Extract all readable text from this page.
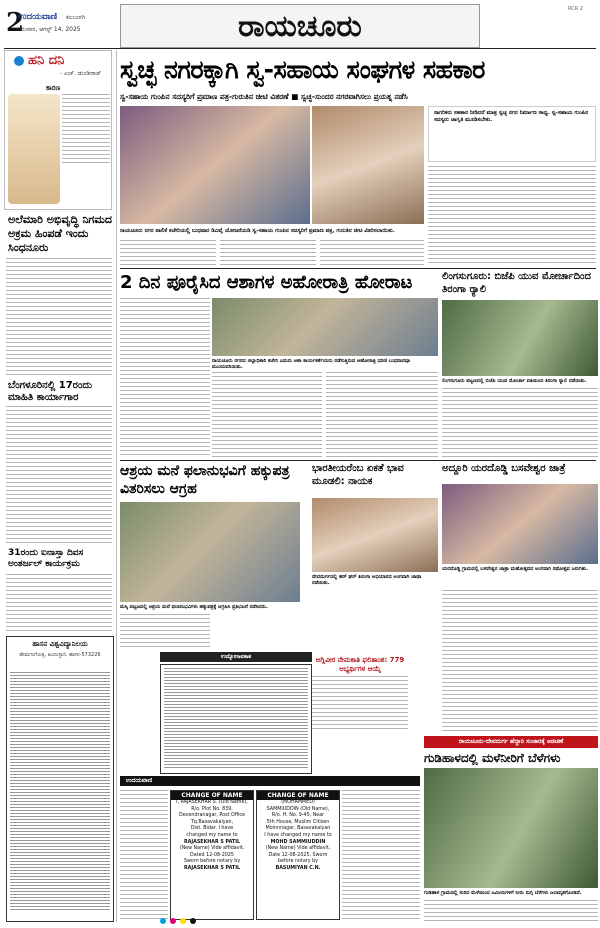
2
ಉದಯವಾಣಿ ಕಲಬುರಗಿ
ಗುರುವಾರ, ಆಗಸ್ಟ್ 14, 2025	ರಾಯಚೂರು	RCR 2
ಹನಿ ದನಿ
- ಎಚ್. ಡುಂಡಿರಾಜ್
ಕಾರಣ
ಅಲೆಮಾರಿ ಅಭಿವೃದ್ಧಿ ನಿಗಮದ ಅಕ್ರಮ ಹಿಂಪಡೆ ಇಂದು ಸಿಂಧನೂರು
ಬೆಂಗಳೂರಿನಲ್ಲಿ 17ರಂದು ಮಾಹಿತಿ ಕಾರ್ಯಾಗಾರ
31ರಂದು ಐನಾಸ್ತಾ ದಿವಸ ಅಂತರ್ಜಲ್ ಕಾರ್ಯಕ್ರಮ
ಹಾಸನ ವಿಶ್ವವಿದ್ಯಾನಿಲಯ
ಹೇಮಗಂಗೋತ್ರಿ, ಹಿಂದುಸ್ತಾನ, ಹಾಸನ-573226
ಸ್ವಚ್ಛ ನಗರಕ್ಕಾಗಿ ಸ್ವ-ಸಹಾಯ ಸಂಘಗಳ ಸಹಕಾರ
ಸ್ವ-ಸಹಾಯ ಗುಂಪಿನ ಸದಸ್ಯರಿಗೆ ಪ್ರಮಾಣ ಪತ್ರ-ಗುರುತಿನ ಚೀಟಿ ವಿತರಣೆ ■ ಸ್ವಚ್ಛ-ಸುಂದರ ನಗರವಾಗಿಸಲು ಪ್ರಯತ್ನ ನಡೆಸಿ
ರಾಯಚೂರು ನಗರ ಪಾಲಿಕೆ ಕಚೇರಿಯಲ್ಲಿ ಬುಧವಾರ ಡಿಎವೈ ಯೋಜನೆಯಡಿ ಸ್ವ-ಸಹಾಯ ಗುಂಪಿನ ಸದಸ್ಯರಿಗೆ ಪ್ರಮಾಣ ಪತ್ರ, ಗುರುತಿನ ಚೀಟಿ ವಿತರಿಸಲಾಯಿತು.
ನಾಗರಿಕರು ಸಹಕಾರ ನೀಡಿದರೆ ಮಾತ್ರ ಸ್ವಚ್ಛ ನಗರ ನಿರ್ಮಾಣ ಸಾಧ್ಯ. ಸ್ವ-ಸಹಾಯ ಗುಂಪಿನ ಸದಸ್ಯರು ಜಾಗೃತಿ ಮೂಡಿಸಬೇಕು.
2 ದಿನ ಪೂರೈಸಿದ ಆಶಾಗಳ ಅಹೋರಾತ್ರಿ ಹೋರಾಟ
ರಾಯಚೂರು ನಗರದ ಜಿಲ್ಲಾಧಿಕಾರಿ ಕಚೇರಿ ಎದುರು ಆಶಾ ಕಾರ್ಯಕರ್ತೆಯರು ನಡೆಸುತ್ತಿರುವ ಅಹೋರಾತ್ರಿ ಧರಣಿ ಬುಧವಾರವೂ ಮುಂದುವರಿಯಿತು.
ಲಿಂಗಸುಗೂರು: ಬಿಜೆಪಿ ಯುವ ಮೋರ್ಚಾದಿಂದ ತಿರಂಗಾ ರ್‍ಯಾಲಿ
ಲಿಂಗಸುಗೂರು ಪಟ್ಟಣದಲ್ಲಿ ಬಿಜೆಪಿ ಯುವ ಮೋರ್ಚಾ ವತಿಯಿಂದ ತಿರಂಗಾ ರ್‍ಯಾಲಿ ನಡೆಯಿತು.
ಆಶ್ರಯ ಮನೆ ಫಲಾನುಭವಿಗೆ ಹಕ್ಕುಪತ್ರ ವಿತರಿಸಲು ಆಗ್ರಹ
ಮಸ್ಕಿ ಪಟ್ಟಣದಲ್ಲಿ ಆಶ್ರಯ ಮನೆ ಫಲಾನುಭವಿಗಳು ಹಕ್ಕುಪತ್ರಕ್ಕೆ ಆಗ್ರಹಿಸಿ ಪ್ರತಿಭಟನೆ ನಡೆಸಿದರು.
ಭಾರತೀಯರೆಂಬ ಏಕತೆ ಭಾವ ಮೂಡಲಿ: ನಾಯಕ
ದೇವದುರ್ಗದಲ್ಲಿ ಹರ್ ಘರ್ ತಿರಂಗಾ ಅಭಿಯಾನದ ಅಂಗವಾಗಿ ಜಾಥಾ ನಡೆಯಿತು.
ಅದ್ದೂರಿ ಯರದೊಡ್ಡಿ ಬಸವೇಶ್ವರ ಜಾತ್ರೆ
ಯರದೊಡ್ಡಿ ಗ್ರಾಮದಲ್ಲಿ ಬಸವೇಶ್ವರ ಜಾತ್ರಾ ಮಹೋತ್ಸವದ ಅಂಗವಾಗಿ ರಥೋತ್ಸವ ಜರುಗಿತು.
ಉದ್ಯೋಗಾವಕಾಶ	ಅಗ್ನಿವೀರ ನೇಮಕಾತಿ ಫಲಿತಾಂಶ: 779 ಅಭ್ಯರ್ಥಿಗಳ ಆಯ್ಕೆ
ಉದಯವಾಣಿ
CHANGE OF NAME
I, RAJASEKHAR S. (Old Name),
R/o. Plot No. 839,
Devendranagar, Post Office
Tq.Basavakalyan,
Dist. Bidar. I have
changed my name to
RAJASEKHAR S PATIL
(New Name) Vide affidavit,
Dated 12-08-2025
Sworn before notary by
RAJASEKHAR S PATIL
CHANGE OF NAME
(MOHAMMED)
SAMMIUDDIN (Old Name),
R/o. H. No. 9-45, Near
5th House, Muslim Citizen
Moinnnagar, Basavakalyan
I have changed my name to
MOHD SAMMIUDDIN
(New Name) Vide affidavit,
Date 12-08-2025. Sworn
before notary by
BASUMIYAN C.N.
ರಾಯಚೂರು-ದೇವದುರ್ಗ ಹೆದ್ದಾರಿ ಸಂಚಾರಕ್ಕೆ ಅಡಚಣೆ
ಗುಡಿಹಾಳದಲ್ಲಿ ಮಳೆನೀರಿಗೆ ಬೆಳೆಗಳು
ಗುಡಿಹಾಳ ಗ್ರಾಮದಲ್ಲಿ ಸುರಿದ ಮಳೆಯಿಂದ ಜಮೀನುಗಳಿಗೆ ನೀರು ನುಗ್ಗಿ ಬೆಳೆಗಳು ಜಲಾವೃತಗೊಂಡಿವೆ.
